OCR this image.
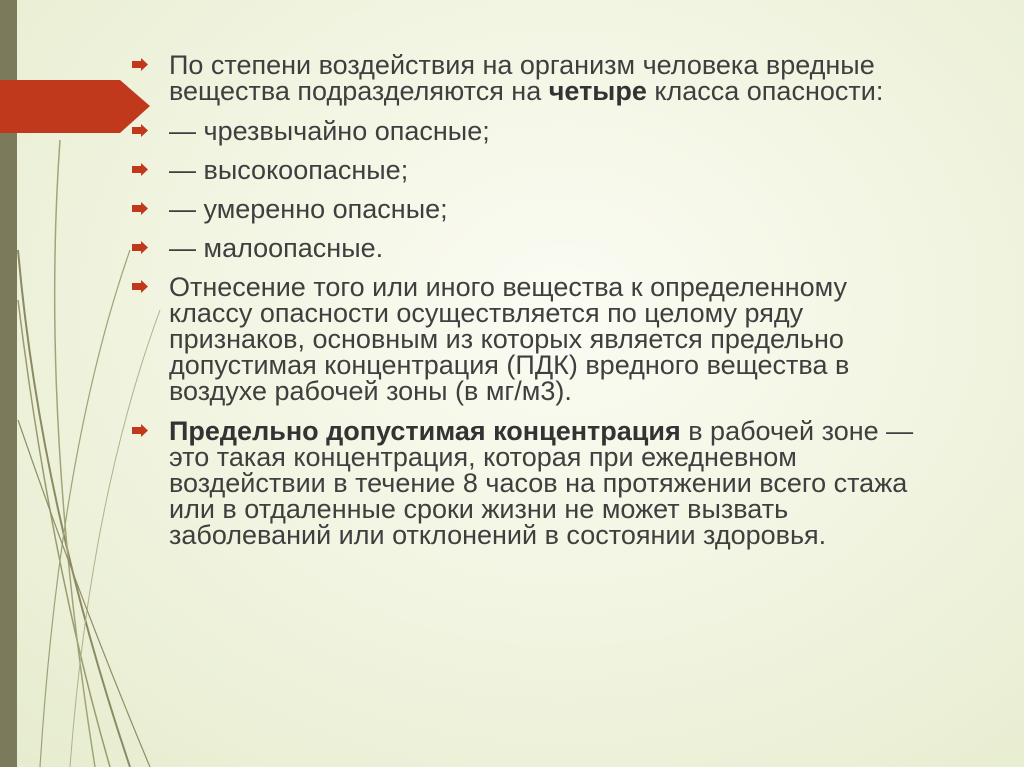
По степени воздействия на организм человека вредные вещества подразделяются на четыре класса опасности:
— чрезвычайно опасные;
— высокоопасные;
— умеренно опасные;
— малоопасные.
Отнесение того или иного вещества к определенному классу опасности осуществляется по целому ряду признаков, основным из которых является предельно допустимая концентрация (ПДК) вредного вещества в воздухе рабочей зоны (в мг/м3).
Предельно допустимая концентрация в рабочей зоне — это такая концентрация, которая при ежедневном воздействии в течение 8 часов на протяжении всего стажа или в отдаленные сроки жизни не может вызвать заболеваний или отклонений в состоянии здоровья.
